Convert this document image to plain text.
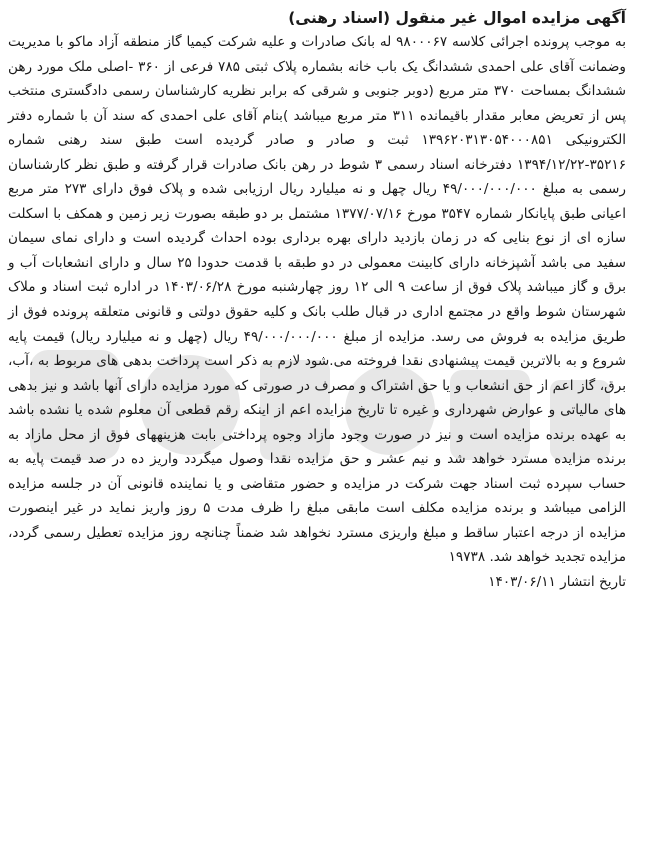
آگهی مزایده اموال غیر منقول (اسناد رهنی)

به موجب پرونده اجرائی کلاسه ۹۸۰۰۰۶۷ له بانک صادرات و علیه شرکت کیمیا گاز منطقه آزاد ماکو با مدیریت وضمانت آقای علی احمدی ششدانگ یک باب خانه بشماره پلاک ثبتی ۷۸۵ فرعی از ۳۶۰ -اصلی ملک مورد رهن ششدانگ بمساحت ۳۷۰ متر مربع (دوبر جنوبی و شرقی که برابر نظریه کارشناسان رسمی دادگستری منتخب پس از تعریض معابر مقدار باقیمانده ۳۱۱ متر مربع میباشد )بنام آقای علی احمدی که سند آن با شماره دفتر الکترونیکی ۱۳۹۶۲۰۳۱۳۰۵۴۰۰۰۸۵۱ ثبت و صادر و صادر گردیده است طبق سند رهنی شماره ۳۵۲۱۶-۱۳۹۴/۱۲/۲۲ دفترخانه اسناد رسمی ۳ شوط در رهن بانک صادرات قرار گرفته و طبق نظر کارشناسان رسمی به مبلغ ۴۹/۰۰۰/۰۰۰/۰۰۰ ریال چهل و نه میلیارد ریال ارزیابی شده و پلاک فوق دارای ۲۷۳ متر مربع اعیانی طبق پایانکار شماره ۳۵۴۷ مورخ ۱۳۷۷/۰۷/۱۶ مشتمل بر دو طبقه بصورت زیر زمین و همکف با اسکلت سازه ای از نوع بنایی که در زمان بازدید دارای بهره برداری بوده احداث گردیده است و دارای نمای سیمان سفید می باشد آشپزخانه دارای کابینت معمولی در دو طبقه با قدمت حدودا ۲۵ سال و دارای انشعابات آب و برق و گاز میباشد پلاک فوق از ساعت ۹ الی ۱۲ روز چهارشنبه مورخ ۱۴۰۳/۰۶/۲۸ در اداره ثبت اسناد و ملاک شهرستان شوط واقع در مجتمع اداری در قبال طلب بانک و کلیه حقوق دولتی و قانونی متعلقه پرونده فوق از طریق مزایده به فروش می رسد. مزایده از مبلغ ۴۹/۰۰۰/۰۰۰/۰۰۰ ریال (چهل و نه میلیارد ریال) قیمت پایه شروع و به بالاترین قیمت پیشنهادی نقدا فروخته می.شود لازم به ذکر است پرداخت بدهی های مربوط به ،آب، برق، گاز اعم از حق انشعاب و یا حق اشتراک و مصرف در صورتی که مورد مزایده دارای آنها باشد و نیز بدهی های مالیاتی و عوارض شهرداری و غیره تا تاریخ مزایده اعم از اینکه رقم قطعی آن معلوم شده یا نشده باشد به عهده برنده مزایده است و نیز در صورت وجود مازاد وجوه پرداختی بابت هزینههای فوق از محل مازاد به برنده مزایده مسترد خواهد شد و نیم عشر و حق مزایده نقدا وصول میگردد واریز ده در صد قیمت پایه به حساب سپرده ثبت اسناد جهت شرکت در مزایده و حضور متقاضی و یا نماینده قانونی آن در جلسه مزایده الزامی میباشد و برنده مزایده مکلف است مابقی مبلغ را ظرف مدت ۵ روز واریز نماید در غیر اینصورت مزایده از درجه اعتبار ساقط و مبلغ واریزی مسترد نخواهد شد ضمناً چنانچه روز مزایده تعطیل رسمی گردد، مزایده تجدید خواهد شد. ۱۹۷۳۸

تاریخ انتشار ۱۴۰۳/۰۶/۱۱
